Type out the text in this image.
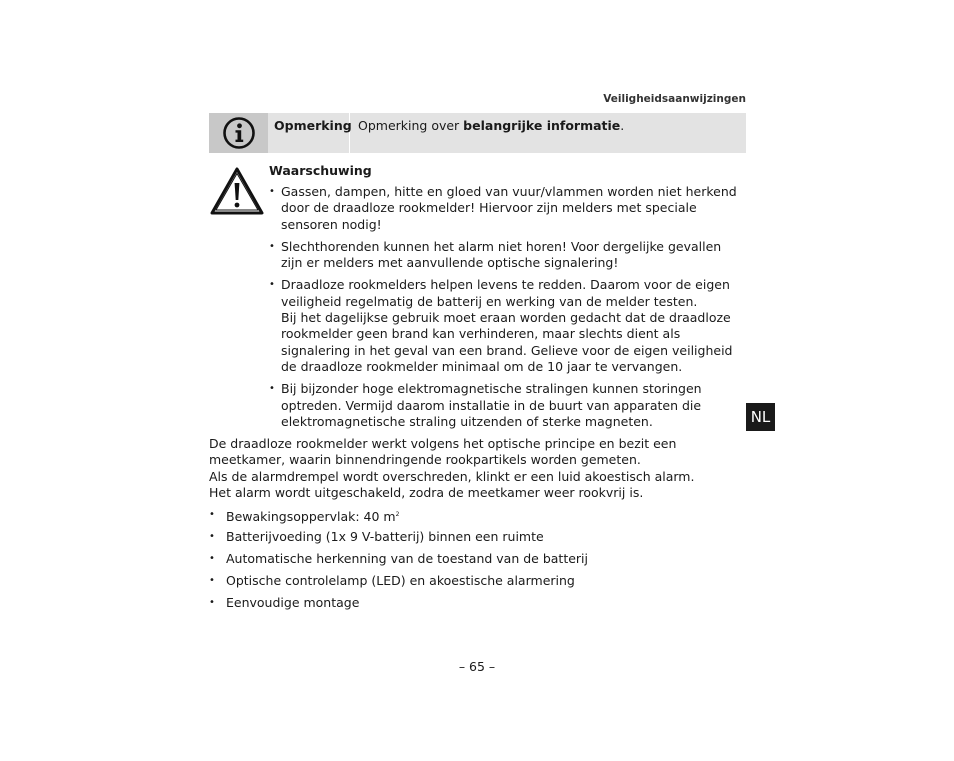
Veiligheidsaanwijzingen
Opmerking Opmerking over belangrijke informatie.
Waarschuwing
• Gassen, dampen, hitte en gloed van vuur/vlammen worden niet herkend
door de draadloze rookmelder! Hiervoor zijn melders met speciale
sensoren nodig!
• Slechthorenden kunnen het alarm niet horen! Voor dergelijke gevallen
zijn er melders met aanvullende optische signalering!
• Draadloze rookmelders helpen levens te redden. Daarom voor de eigen
veiligheid regelmatig de batterij en werking van de melder testen.
Bij het dagelijkse gebruik moet eraan worden gedacht dat de draadloze
rookmelder geen brand kan verhinderen, maar slechts dient als
signalering in het geval van een brand. Gelieve voor de eigen veiligheid
de draadloze rookmelder minimaal om de 10 jaar te vervangen.
• Bij bijzonder hoge elektromagnetische stralingen kunnen storingen
optreden. Vermijd daarom installatie in de buurt van apparaten die
elektromagnetische straling uitzenden of sterke magneten.
De draadloze rookmelder werkt volgens het optische principe en bezit een
meetkamer, waarin binnendringende rookpartikels worden gemeten.
Als de alarmdrempel wordt overschreden, klinkt er een luid akoestisch alarm.
Het alarm wordt uitgeschakeld, zodra de meetkamer weer rookvrij is.
• Bewakingsoppervlak: 40 $m^2$
• Batterijvoeding (1x 9 V-batterij) binnen een ruimte
• Automatische herkenning van de toestand van de batterij
• Optische controlelamp (LED) en akoestische alarmering
• Eenvoudige montage
– 65 –
NL
